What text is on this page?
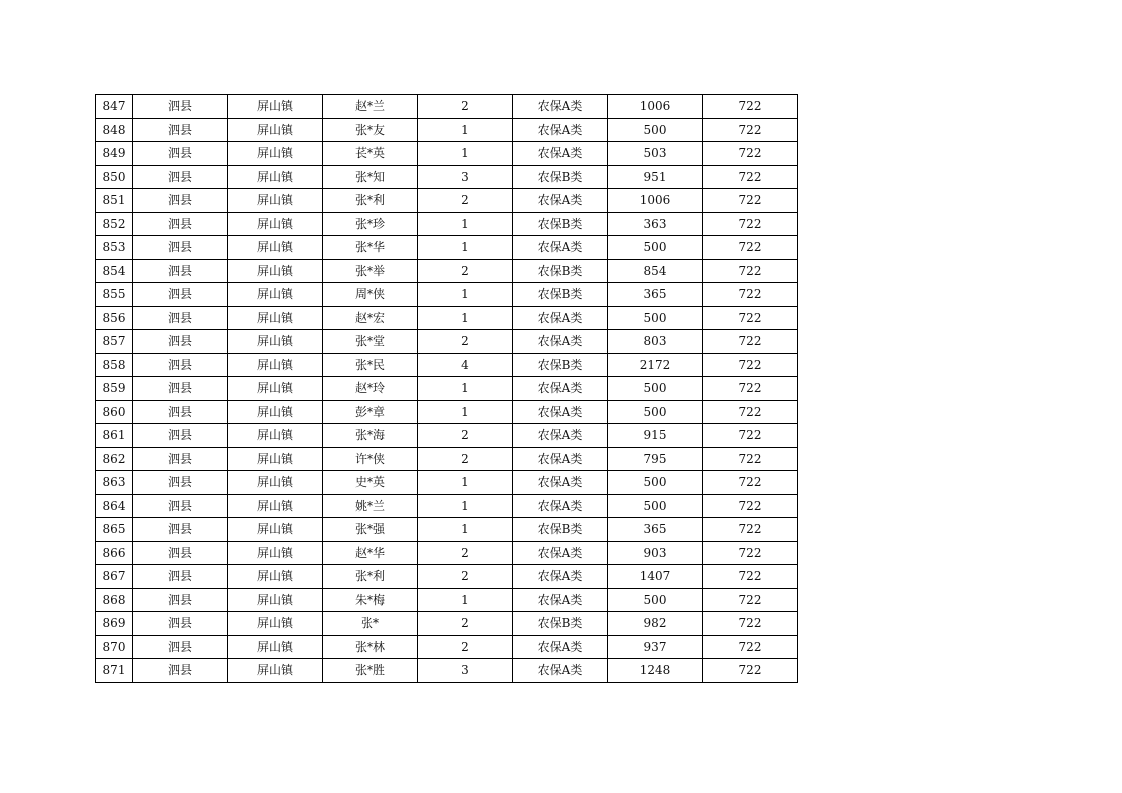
847	泗县	屏山镇	赵*兰	2	农保A类	1006	722
848	泗县	屏山镇	张*友	1	农保A类	500	722
849	泗县	屏山镇	苌*英	1	农保A类	503	722
850	泗县	屏山镇	张*知	3	农保B类	951	722
851	泗县	屏山镇	张*利	2	农保A类	1006	722
852	泗县	屏山镇	张*珍	1	农保B类	363	722
853	泗县	屏山镇	张*华	1	农保A类	500	722
854	泗县	屏山镇	张*举	2	农保B类	854	722
855	泗县	屏山镇	周*侠	1	农保B类	365	722
856	泗县	屏山镇	赵*宏	1	农保A类	500	722
857	泗县	屏山镇	张*堂	2	农保A类	803	722
858	泗县	屏山镇	张*民	4	农保B类	2172	722
859	泗县	屏山镇	赵*玲	1	农保A类	500	722
860	泗县	屏山镇	彭*章	1	农保A类	500	722
861	泗县	屏山镇	张*海	2	农保A类	915	722
862	泗县	屏山镇	许*侠	2	农保A类	795	722
863	泗县	屏山镇	史*英	1	农保A类	500	722
864	泗县	屏山镇	姚*兰	1	农保A类	500	722
865	泗县	屏山镇	张*强	1	农保B类	365	722
866	泗县	屏山镇	赵*华	2	农保A类	903	722
867	泗县	屏山镇	张*利	2	农保A类	1407	722
868	泗县	屏山镇	朱*梅	1	农保A类	500	722
869	泗县	屏山镇	张*	2	农保B类	982	722
870	泗县	屏山镇	张*林	2	农保A类	937	722
871	泗县	屏山镇	张*胜	3	农保A类	1248	722
